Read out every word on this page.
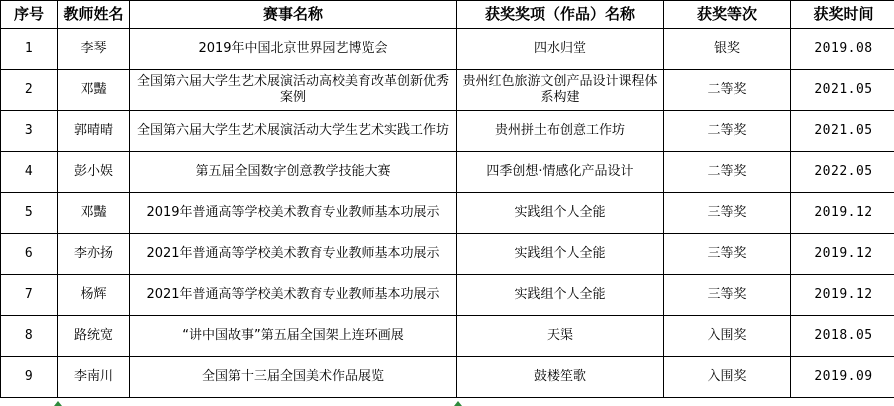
序号	教师姓名	赛事名称	获奖奖项（作品）名称	获奖等次	获奖时间
1	李琴	2019年中国北京世界园艺博览会	四水归堂	银奖	2019.08
2	邓豔	全国第六届大学生艺术展演活动高校美育改革创新优秀案例	贵州红色旅游文创产品设计课程体系构建	二等奖	2021.05
3	郭晴晴	全国第六届大学生艺术展演活动大学生艺术实践工作坊	贵州拼土布创意工作坊	二等奖	2021.05
4	彭小娱	第五届全国数字创意教学技能大赛	四季创想·情感化产品设计	二等奖	2022.05
5	邓豔	2019年普通高等学校美术教育专业教师基本功展示	实践组个人全能	三等奖	2019.12
6	李亦扬	2021年普通高等学校美术教育专业教师基本功展示	实践组个人全能	三等奖	2019.12
7	杨辉	2021年普通高等学校美术教育专业教师基本功展示	实践组个人全能	三等奖	2019.12
8	路统宽	“讲中国故事”第五届全国架上连环画展	天渠	入围奖	2018.05
9	李南川	全国第十三届全国美术作品展览	鼓楼笙歌	入围奖	2019.09
